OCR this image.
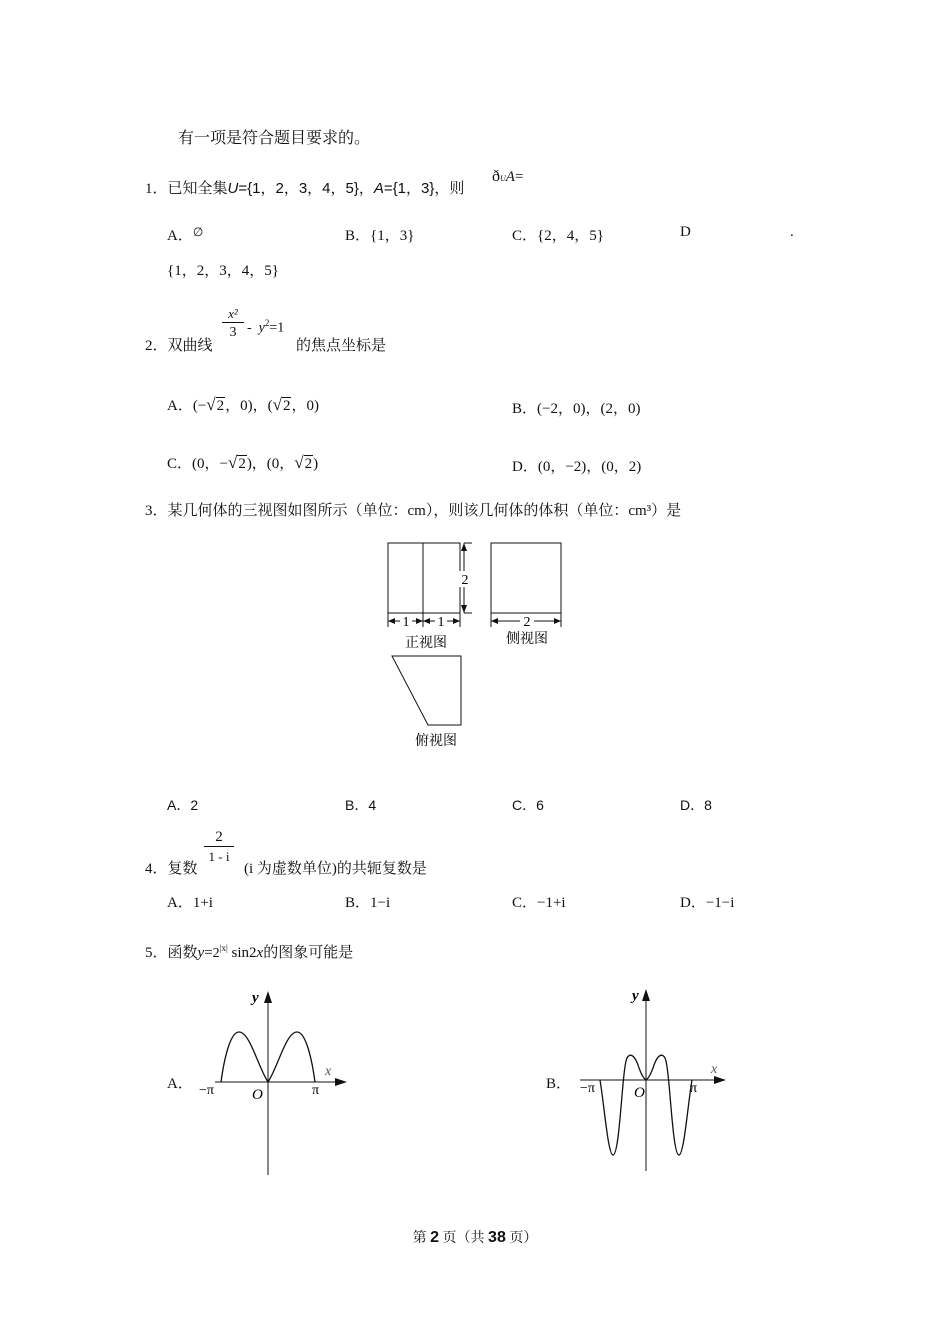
有一项是符合题目要求的。
1．已知全集U={1，2，3，4，5}，A={1，3}，则
ðUA=
A．∅	B．{1，3}	C．{2，4，5}	D	.
{1，2，3，4，5}
2．双曲线
$\frac{\text{x²}}{3} - y^2=1$
的焦点坐标是
A．(−√2，0)，(√2，0)	B．(−2，0)，(2，0)
C．(0，−√2)，(0，√2)	D．(0，−2)，(0，2)
3．某几何体的三视图如图所示（单位：cm），则该几何体的体积（单位：cm³）是
1 1
2
2
正视图	侧视图
俯视图
A．2	B．4	C．6	D．8
4．复数
$\frac{2}{1 - i}$
(i 为虚数单位)的共轭复数是
A．1+i	B．1−i	C．−1+i	D．−1−i
5．函数$y=2^{|x|}$ sin2x的图象可能是
A．
y
x
O
−π	π	B．
y
x
O
−π	π
第 2 页（共 38 页）
